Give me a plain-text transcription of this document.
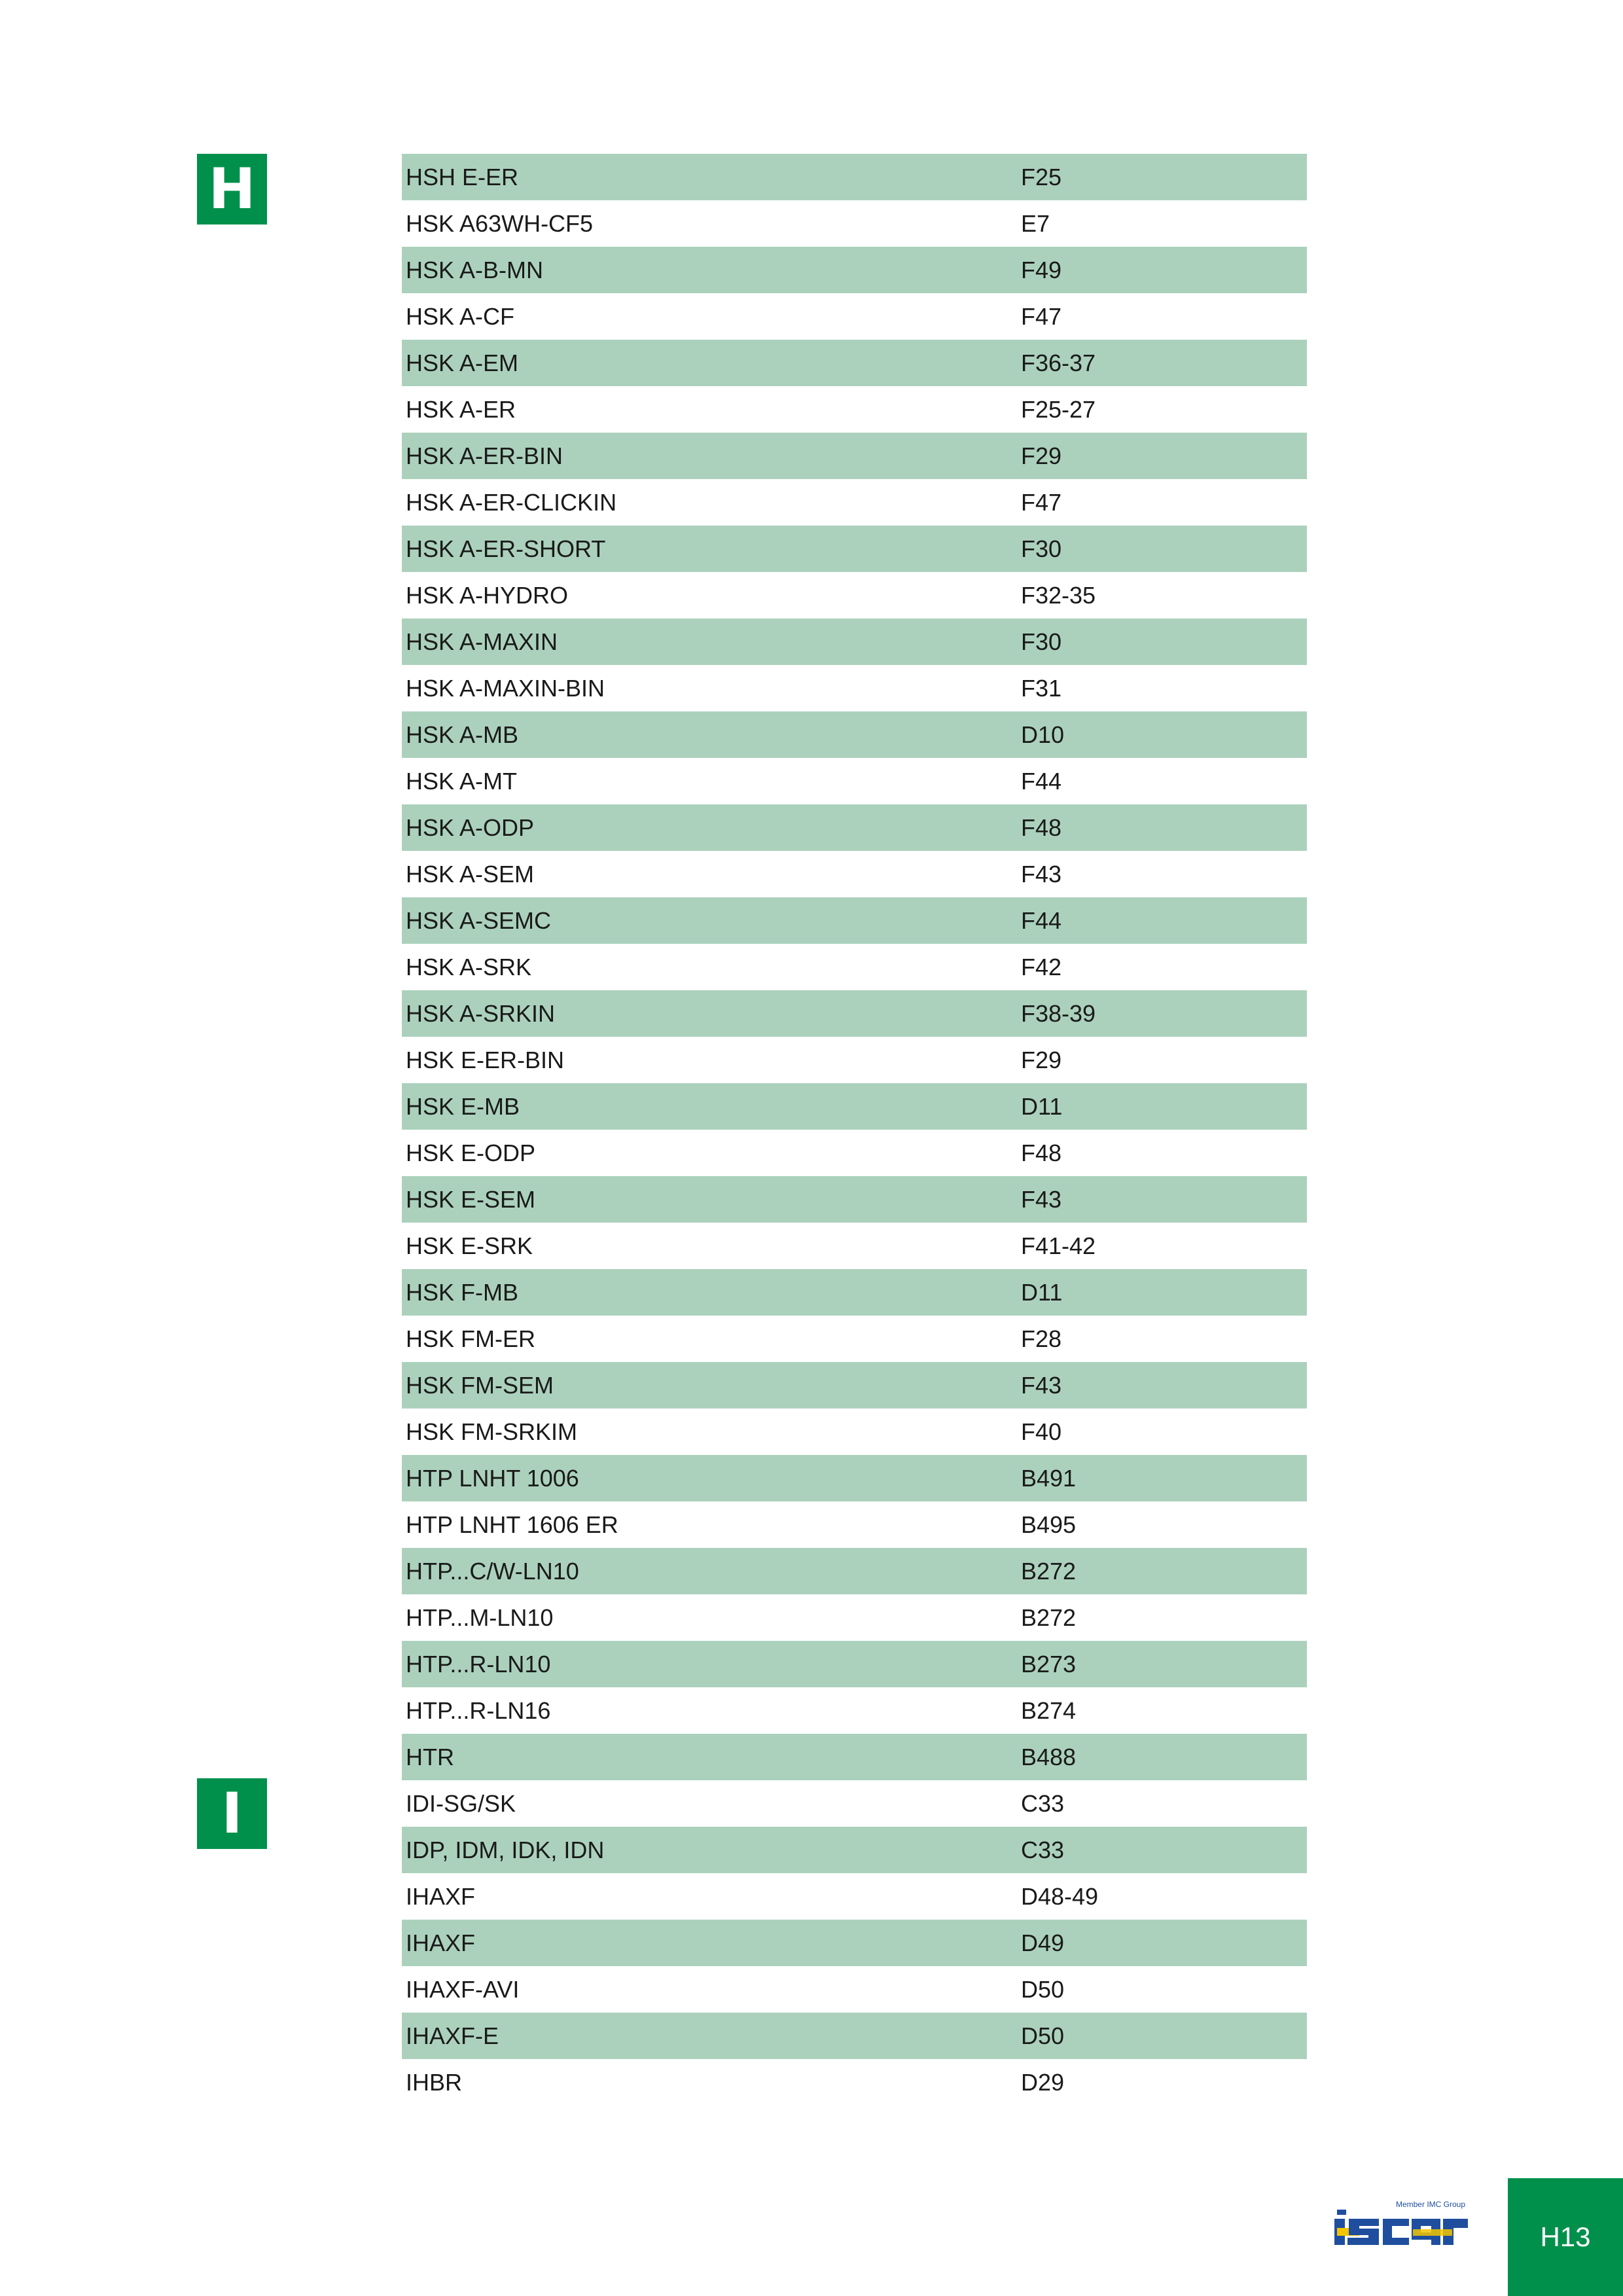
H
I
HSH E-ER	F25
HSK A63WH-CF5	E7
HSK A-B-MN	F49
HSK A-CF	F47
HSK A-EM	F36-37
HSK A-ER	F25-27
HSK A-ER-BIN	F29
HSK A-ER-CLICKIN	F47
HSK A-ER-SHORT	F30
HSK A-HYDRO	F32-35
HSK A-MAXIN	F30
HSK A-MAXIN-BIN	F31
HSK A-MB	D10
HSK A-MT	F44
HSK A-ODP	F48
HSK A-SEM	F43
HSK A-SEMC	F44
HSK A-SRK	F42
HSK A-SRKIN	F38-39
HSK E-ER-BIN	F29
HSK E-MB	D11
HSK E-ODP	F48
HSK E-SEM	F43
HSK E-SRK	F41-42
HSK F-MB	D11
HSK FM-ER	F28
HSK FM-SEM	F43
HSK FM-SRKIM	F40
HTP LNHT 1006	B491
HTP LNHT 1606 ER	B495
HTP...C/W-LN10	B272
HTP...M-LN10	B272
HTP...R-LN10	B273
HTP...R-LN16	B274
HTR	B488
IDI-SG/SK	C33
IDP, IDM, IDK, IDN	C33
IHAXF	D48-49
IHAXF	D49
IHAXF-AVI	D50
IHAXF-E	D50
IHBR	D29
Member IMC Group
H13
